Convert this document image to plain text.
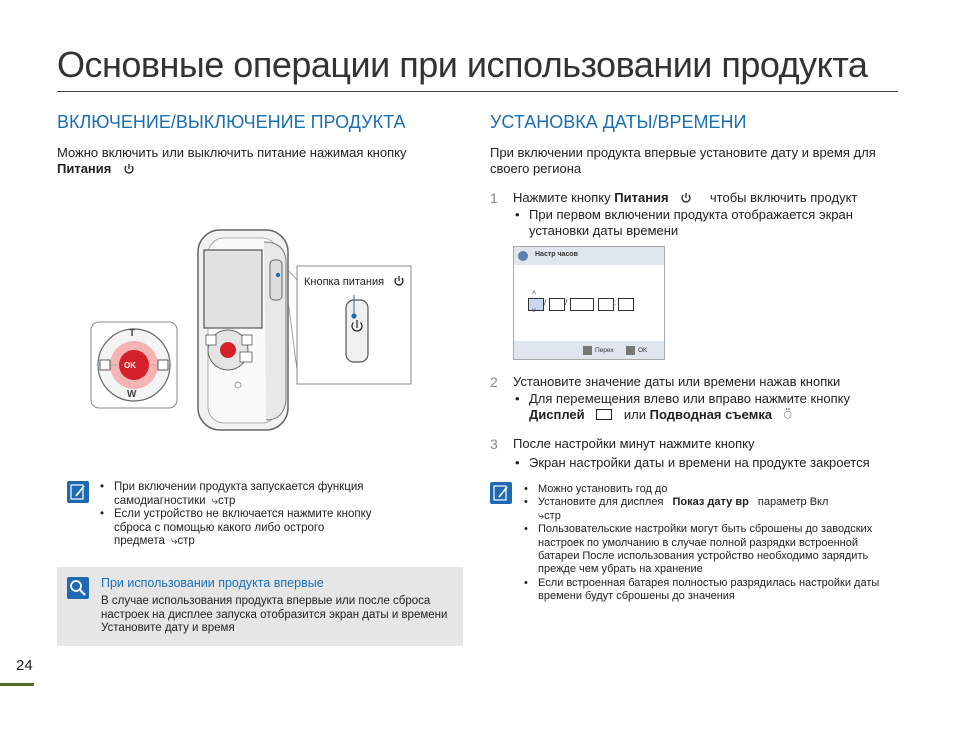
Основные операции при использовании продукта
ВКЛЮЧЕНИЕ/ВЫКЛЮЧЕНИЕ ПРОДУКТА
Можно включить или выключить питание нажимая кнопку
Питания
T
W
OK
Кнопка питания
• При включении продукта запускается функция самодиагностики ⤷стр
• Если устройство не включается нажмите кнопку сброса с помощью какого либо острого предмета ⤷стр
При использовании продукта впервые
В случае использования продукта впервые или после сброса настроек на дисплее запуска отобразится экран даты и времени Установите дату и время
УСТАНОВКА ДАТЫ/ВРЕМЕНИ
При включении продукта впервые установите дату и время для своего региона
1 Нажмите кнопку Питания	чтобы включить продукт
• При первом включении продукта отображается экран установки даты времени
Настр часов
˄
˅
/ /	:
Перех	OK
2 Установите значение даты или времени нажав кнопки
• Для перемещения влево или вправо нажмите кнопку
Дисплей	или Подводная съемка ⍥
3 После настройки минут нажмите кнопку
• Экран настройки даты и времени на продукте закроется
• Можно установить год до
• Установите для дисплея Показ дату вр параметр Вкл
⤷стр
• Пользовательские настройки могут быть сброшены до заводских настроек по умолчанию в случае полной разрядки встроенной батареи После использования устройство необходимо зарядить прежде чем убрать на хранение
• Если встроенная батарея полностью разрядилась настройки даты времени будут сброшены до значения
24
